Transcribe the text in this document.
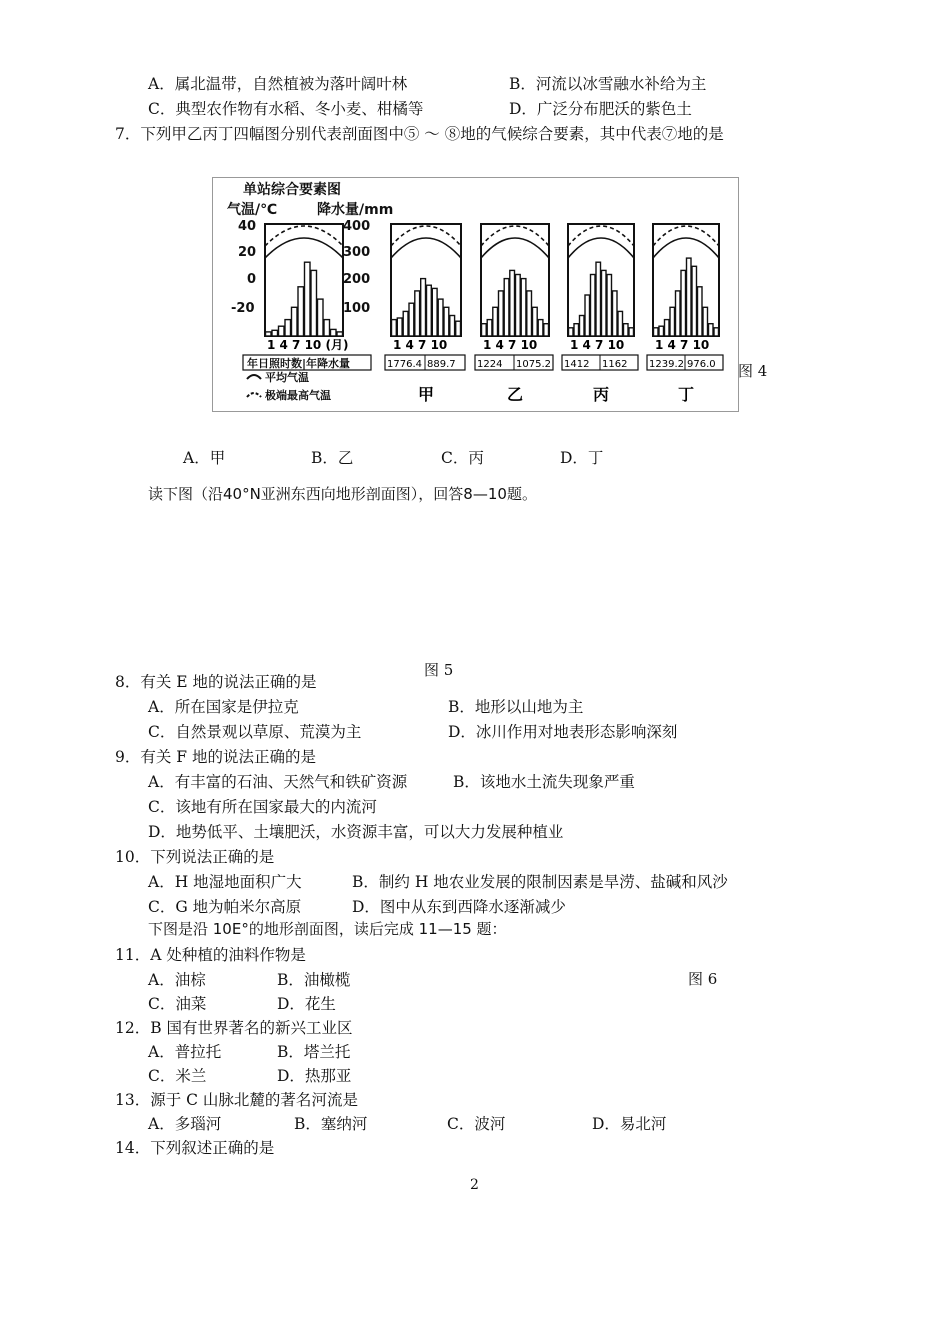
A．属北温带，自然植被为落叶阔叶林	B．河流以冰雪融水补给为主
C．典型农作物有水稻、冬小麦、柑橘等	D．广泛分布肥沃的紫色土
7．下列甲乙丙丁四幅图分别代表剖面图中⑤ ～ ⑧地的气候综合要素，其中代表⑦地的是
单站综合要素图
气温/℃	降水量/mm
40
20
0
-20
400
300
200
100
1 4 7 10 (月)	1 4 7 10
1776.4 889.7
甲
1 4 7 10
1224 1075.2
乙
1 4 7 10
1412 1162
丙
1 4 7 10
1239.2 976.0
丁
年日照时数|年降水量
平均气温
极端最高气温
图 4
A．甲	B．乙	C．丙	D．丁
读下图（沿40°N亚洲东西向地形剖面图），回答8—10题。
图 5
8．有关 E 地的说法正确的是
A．所在国家是伊拉克	B．地形以山地为主
C．自然景观以草原、荒漠为主	D．冰川作用对地表形态影响深刻
9．有关 F 地的说法正确的是
A．有丰富的石油、天然气和铁矿资源	B．该地水土流失现象严重
C．该地有所在国家最大的内流河
D．地势低平、土壤肥沃，水资源丰富，可以大力发展种植业
10．下列说法正确的是
A．H 地湿地面积广大	B．制约 H 地农业发展的限制因素是旱涝、盐碱和风沙
C．G 地为帕米尔高原	D．图中从东到西降水逐渐减少
下图是沿 10E°的地形剖面图，读后完成 11—15 题：
11．A 处种植的油料作物是
A．油棕	B．油橄榄	图 6
C．油菜	D．花生
12．B 国有世界著名的新兴工业区
A．普拉托	B．塔兰托
C．米兰	D．热那亚
13．源于 C 山脉北麓的著名河流是
A．多瑙河	B．塞纳河	C．波河	D．易北河
14．下列叙述正确的是
2
